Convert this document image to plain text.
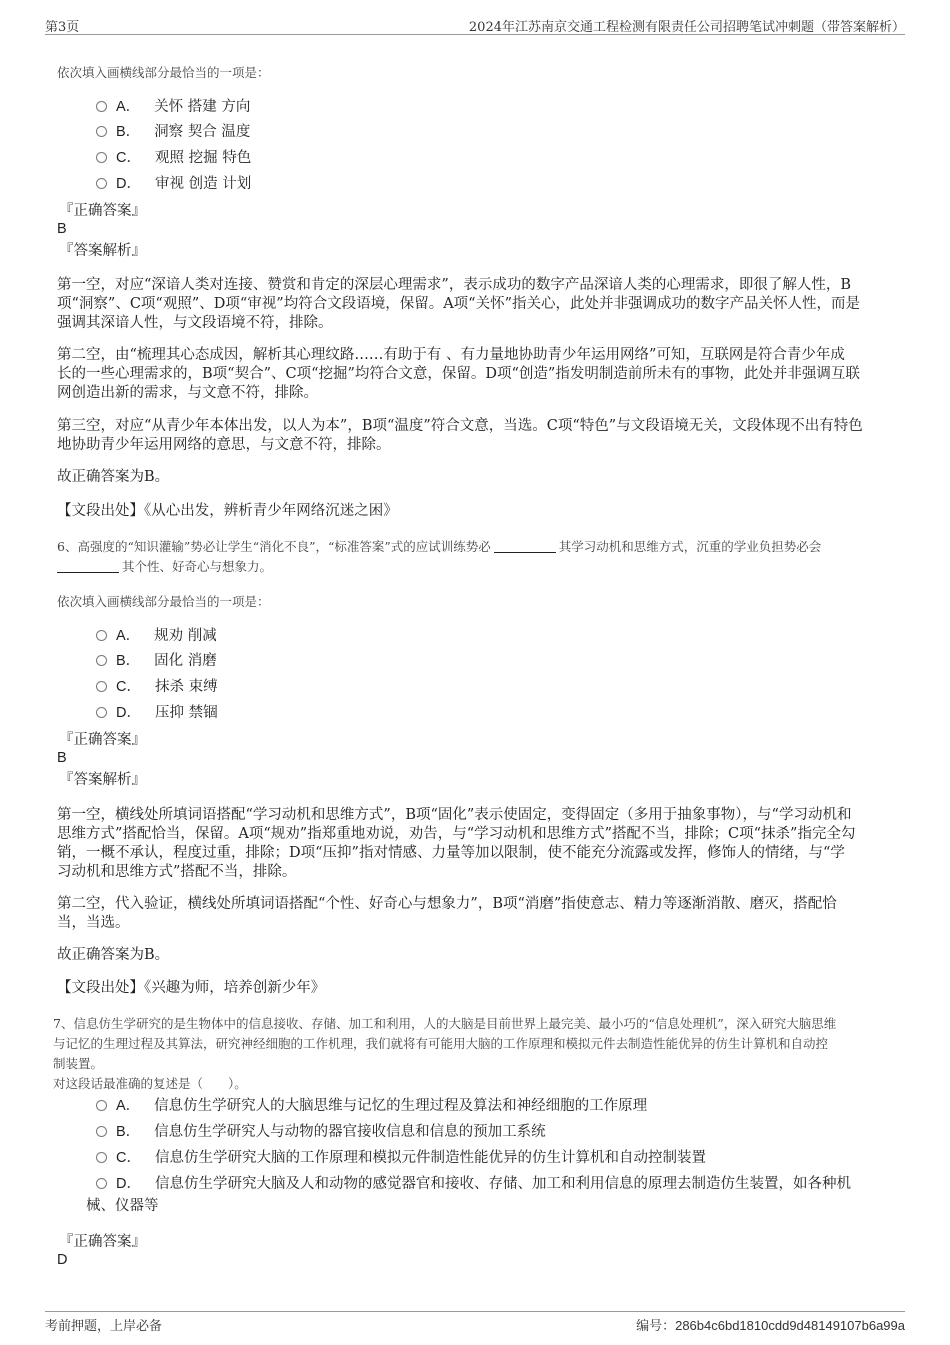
第3页	2024年江苏南京交通工程检测有限责任公司招聘笔试冲刺题（带答案解析）
依次填入画横线部分最恰当的一项是：
A． 关怀 搭建 方向
B． 洞察 契合 温度
C． 观照 挖掘 特色
D． 审视 创造 计划
『正确答案』
B
『答案解析』
第一空，对应“深谙人类对连接、赞赏和肯定的深层心理需求”，表示成功的数字产品深谙人类的心理需求，即很了解人性，B
项“洞察”、C项“观照”、D项“审视”均符合文段语境，保留。A项“关怀”指关心，此处并非强调成功的数字产品关怀人性，而是
强调其深谙人性，与文段语境不符，排除。
第二空，由“梳理其心态成因，解析其心理纹路……有助于有 、有力量地协助青少年运用网络”可知，互联网是符合青少年成
长的一些心理需求的，B项“契合”、C项“挖掘”均符合文意，保留。D项“创造”指发明制造前所未有的事物，此处并非强调互联
网创造出新的需求，与文意不符，排除。
第三空，对应“从青少年本体出发，以人为本”，B项“温度”符合文意，当选。C项“特色”与文段语境无关，文段体现不出有特色
地协助青少年运用网络的意思，与文意不符，排除。
故正确答案为B。
【文段出处】《从心出发，辨析青少年网络沉迷之困》
6、高强度的“知识灌输”势必让学生“消化不良”，“标准答案”式的应试训练势必	其学习动机和思维方式，沉重的学业负担势必会
其个性、好奇心与想象力。
依次填入画横线部分最恰当的一项是：
A． 规劝 削减
B． 固化 消磨
C． 抹杀 束缚
D． 压抑 禁锢
『正确答案』
B
『答案解析』
第一空，横线处所填词语搭配“学习动机和思维方式”，B项“固化”表示使固定，变得固定（多用于抽象事物），与“学习动机和
思维方式”搭配恰当，保留。A项“规劝”指郑重地劝说，劝告，与“学习动机和思维方式”搭配不当，排除；C项“抹杀”指完全勾
销，一概不承认，程度过重，排除；D项“压抑”指对情感、力量等加以限制，使不能充分流露或发挥，修饰人的情绪，与“学
习动机和思维方式”搭配不当，排除。
第二空，代入验证，横线处所填词语搭配“个性、好奇心与想象力”，B项“消磨”指使意志、精力等逐渐消散、磨灭，搭配恰
当，当选。
故正确答案为B。
【文段出处】《兴趣为师，培养创新少年》
7、信息仿生学研究的是生物体中的信息接收、存储、加工和利用，人的大脑是目前世界上最完美、最小巧的“信息处理机”，深入研究大脑思维
与记忆的生理过程及其算法，研究神经细胞的工作机理，我们就将有可能用大脑的工作原理和模拟元件去制造性能优异的仿生计算机和自动控
制装置。
对这段话最准确的复述是（　　）。
A． 信息仿生学研究人的大脑思维与记忆的生理过程及算法和神经细胞的工作原理
B． 信息仿生学研究人与动物的器官接收信息和信息的预加工系统
C． 信息仿生学研究大脑的工作原理和模拟元件制造性能优异的仿生计算机和自动控制装置
D． 信息仿生学研究大脑及人和动物的感觉器官和接收、存储、加工和利用信息的原理去制造仿生装置，如各种机
械、仪器等
『正确答案』
D
考前押题，上岸必备	编号：286b4c6bd1810cdd9d48149107b6a99a
